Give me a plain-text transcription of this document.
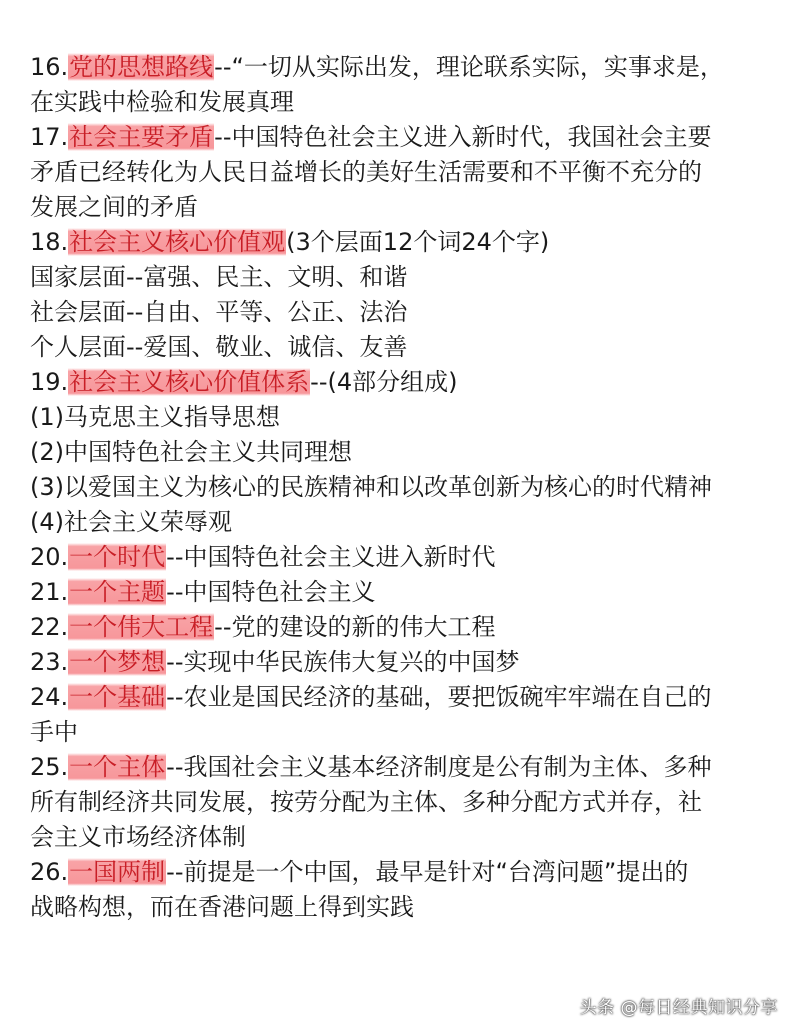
16.党的思想路线--“一切从实际出发，理论联系实际，实事求是，
在实践中检验和发展真理
17.社会主要矛盾--中国特色社会主义进入新时代，我国社会主要
矛盾已经转化为人民日益增长的美好生活需要和不平衡不充分的
发展之间的矛盾
18.社会主义核心价值观(3个层面12个词24个字)
国家层面--富强、民主、文明、和谐
社会层面--自由、平等、公正、法治
个人层面--爱国、敬业、诚信、友善
19.社会主义核心价值体系--(4部分组成)
(1)马克思主义指导思想
(2)中国特色社会主义共同理想
(3)以爱国主义为核心的民族精神和以改革创新为核心的时代精神
(4)社会主义荣辱观
20.一个时代--中国特色社会主义进入新时代
21.一个主题--中国特色社会主义
22.一个伟大工程--党的建设的新的伟大工程
23.一个梦想--实现中华民族伟大复兴的中国梦
24.一个基础--农业是国民经济的基础，要把饭碗牢牢端在自己的
手中
25.一个主体--我国社会主义基本经济制度是公有制为主体、多种
所有制经济共同发展，按劳分配为主体、多种分配方式并存，社
会主义市场经济体制
26.一国两制--前提是一个中国，最早是针对“台湾问题”提出的
战略构想，而在香港问题上得到实践
头条 @每日经典知识分享
